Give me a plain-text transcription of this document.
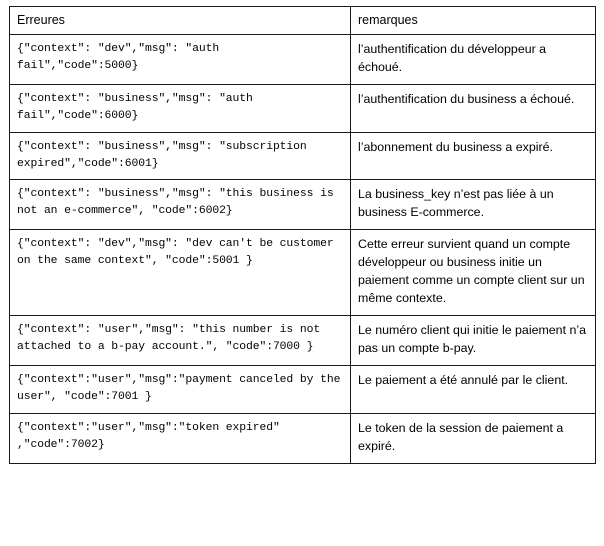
Erreures	remarques
{"context": "dev","msg": "auth fail","code":5000}	l’authentification du développeur a échoué.
{"context": "business","msg": "auth fail","code":6000}	l’authentification du business a échoué.
{"context": "business","msg": "subscription expired","code":6001}	l’abonnement du business a expiré.
{"context": "business","msg": "this business is not an e-commerce", "code":6002}	La business_key n’est pas liée à un business E-commerce.
{"context": "dev","msg": "dev can't be customer on the same context", "code":5001 }	Cette erreur survient quand un compte développeur ou business initie un paiement comme un compte client sur un même contexte.
{"context": "user","msg": "this number is not attached to a b-pay account.", "code":7000 }	Le numéro client qui initie le paiement n’a pas un compte b-pay.
{"context":"user","msg":"payment canceled by the user", "code":7001 }	Le paiement a été annulé par le client.
{"context":"user","msg":"token expired" ,"code":7002}	Le token de la session de paiement a expiré.
